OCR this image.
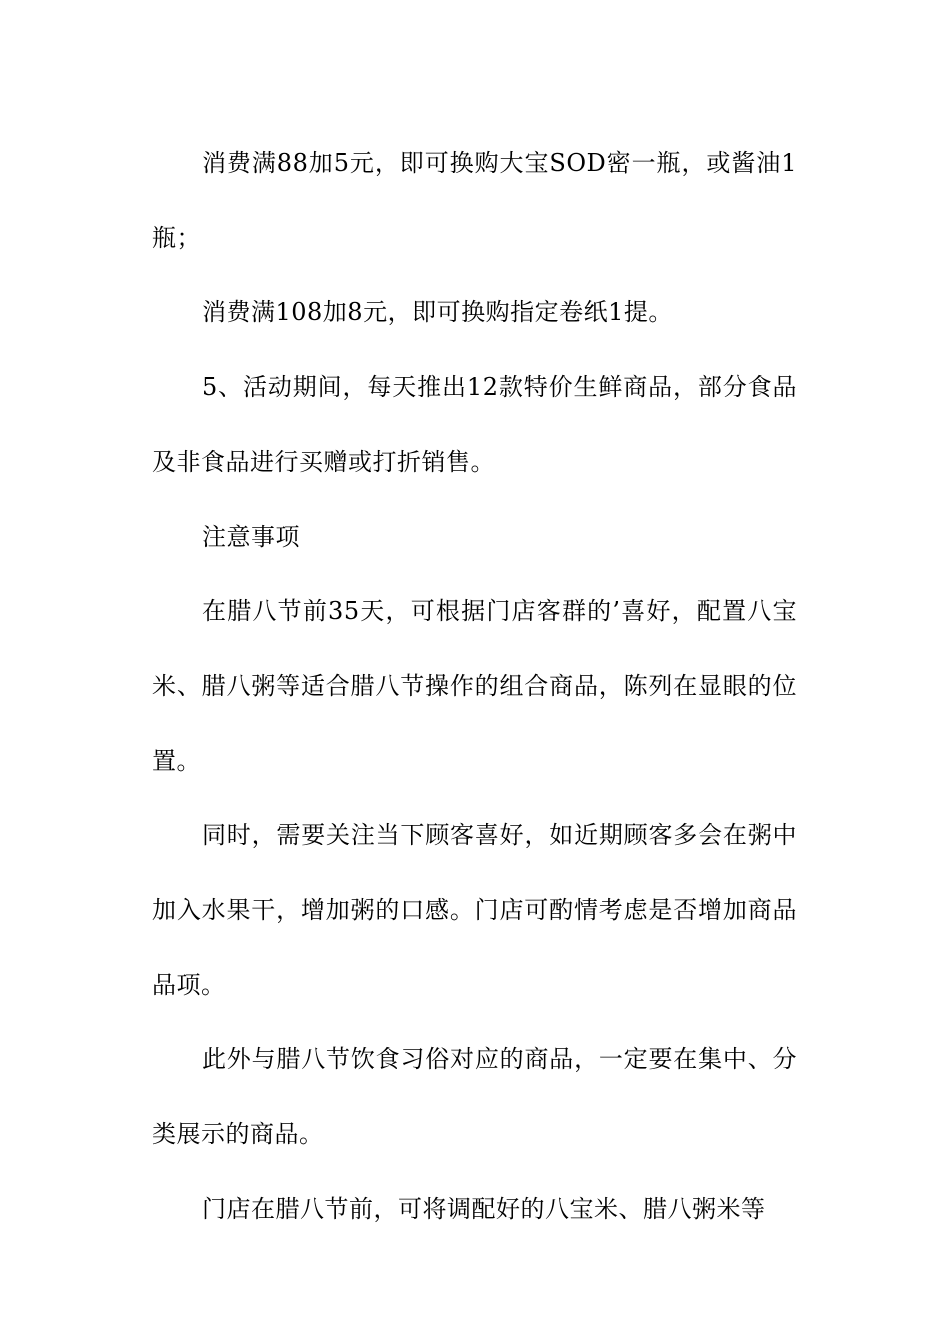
消费满88加5元，即可换购大宝SOD密一瓶，或酱油1瓶；

消费满108加8元，即可换购指定卷纸1提。

5、活动期间，每天推出12款特价生鲜商品，部分食品及非食品进行买赠或打折销售。

注意事项

在腊八节前35天，可根据门店客群的’喜好，配置八宝米、腊八粥等适合腊八节操作的组合商品，陈列在显眼的位置。

同时，需要关注当下顾客喜好，如近期顾客多会在粥中加入水果干，增加粥的口感。门店可酌情考虑是否增加商品品项。

此外与腊八节饮食习俗对应的商品，一定要在集中、分类展示的商品。

门店在腊八节前，可将调配好的八宝米、腊八粥米等
